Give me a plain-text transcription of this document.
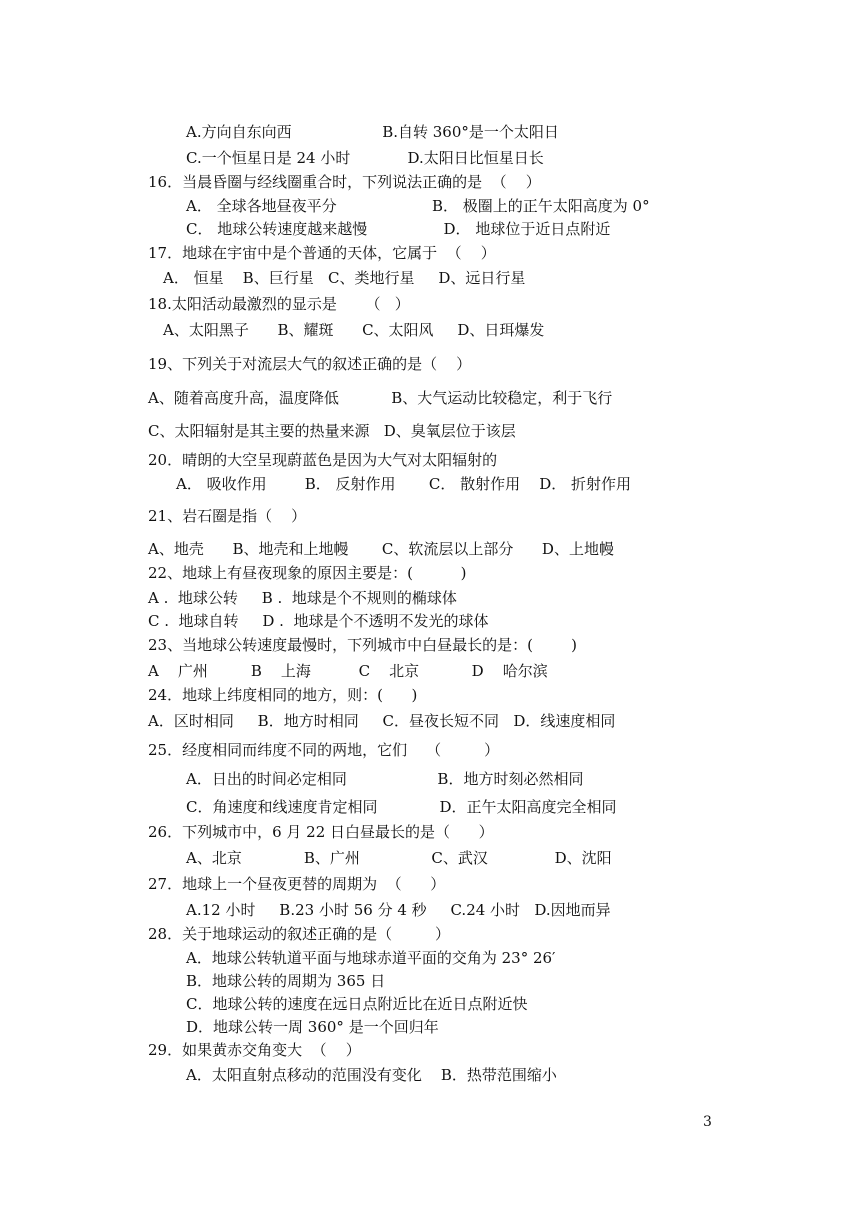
A.方向自东向西                   B.自转 360°是一个太阳日
C.一个恒星日是 24 小时            D.太阳日比恒星日长
16．当晨昏圈与经线圈重合时，下列说法正确的是  （    ）
A． 全球各地昼夜平分                    B． 极圈上的正午太阳高度为 0°
C． 地球公转速度越来越慢                D． 地球位于近日点附近
17．地球在宇宙中是个普通的天体，它属于  （    ）
A． 恒星    B、巨行星   C、类地行星     D、远日行星
18.太阳活动最激烈的显示是      （   ）
A、太阳黑子      B、耀斑      C、太阳风     D、日珥爆发
19、下列关于对流层大气的叙述正确的是（    ）
A、随着高度升高，温度降低           B、大气运动比较稳定，利于飞行
C、太阳辐射是其主要的热量来源   D、臭氧层位于该层
20．晴朗的大空呈现蔚蓝色是因为大气对太阳辐射的
A． 吸收作用        B． 反射作用       C． 散射作用    D． 折射作用
21、岩石圈是指（    ）
A、地壳      B、地壳和上地幔       C、软流层以上部分      D、上地幔
22、地球上有昼夜现象的原因主要是：(          )
A .  地球公转     B .  地球是个不规则的椭球体
C .  地球自转     D .  地球是个不透明不发光的球体
23、当地球公转速度最慢时，下列城市中白昼最长的是：(        )
A    广州         B    上海          C    北京           D    哈尔滨
24．地球上纬度相同的地方，则：(      )
A．区时相同     B．地方时相同     C．昼夜长短不同   D．线速度相同
25．经度相同而纬度不同的两地，它们    （         ）
A．日出的时间必定相同                   B．地方时刻必然相同
C．角速度和线速度肯定相同             D．正午太阳高度完全相同
26．下列城市中，6 月 22 日白昼最长的是（      ）
A、北京             B、广州               C、武汉              D、沈阳
27．地球上一个昼夜更替的周期为  （      ）
A.12 小时     B.23 小时 56 分 4 秒     C.24 小时   D.因地而异
28．关于地球运动的叙述正确的是（         ）
A．地球公转轨道平面与地球赤道平面的交角为 23° 26′
B．地球公转的周期为 365 日
C．地球公转的速度在远日点附近比在近日点附近快
D．地球公转一周 360° 是一个回归年
29．如果黄赤交角变大  （    ）
A．太阳直射点移动的范围没有变化    B．热带范围缩小
3
